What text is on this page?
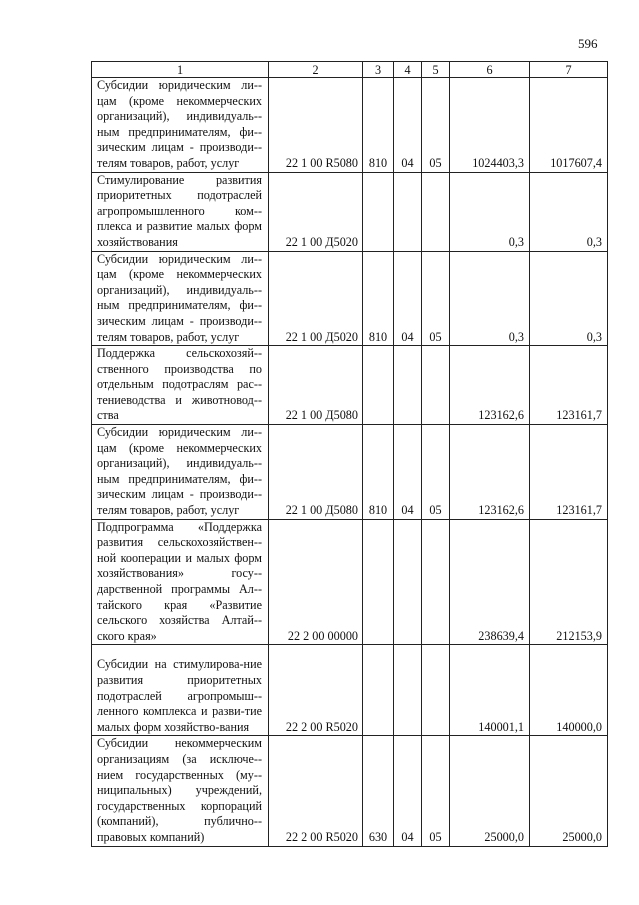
596
1	2	3	4	5	6	7
Субсидии юридическим ли-цам (кроме некоммерческих организаций), индивидуаль-ным предпринимателям, фи-зическим лицам - производи-телям товаров, работ, услуг	22 1 00 R5080	810	04	05	1024403,3	1017607,4
Стимулирование развития приоритетных подотраслей агропромышленного ком-плекса и развитие малых форм хозяйствования	22 1 00 Д5020				0,3	0,3
Субсидии юридическим ли-цам (кроме некоммерческих организаций), индивидуаль-ным предпринимателям, фи-зическим лицам - производи-телям товаров, работ, услуг	22 1 00 Д5020	810	04	05	0,3	0,3
Поддержка сельскохозяй-ственного производства по отдельным подотраслям рас-тениеводства и животновод-ства	22 1 00 Д5080				123162,6	123161,7
Субсидии юридическим ли-цам (кроме некоммерческих организаций), индивидуаль-ным предпринимателям, фи-зическим лицам - производи-телям товаров, работ, услуг	22 1 00 Д5080	810	04	05	123162,6	123161,7
Подпрограмма «Поддержка развития сельскохозяйствен-ной кооперации и малых форм хозяйствования» госу-дарственной программы Ал-тайского края «Развитие сельского хозяйства Алтай-ского края»	22 2 00 00000				238639,4	212153,9
Субсидии на стимулирова-ние развития приоритетных подотраслей агропромыш-ленного комплекса и разви-тие малых форм хозяйство-вания	22 2 00 R5020				140001,1	140000,0
Субсидии некоммерческим организациям (за исключе-нием государственных (му-ниципальных) учреждений, государственных корпораций (компаний), публично-правовых компаний)	22 2 00 R5020	630	04	05	25000,0	25000,0
